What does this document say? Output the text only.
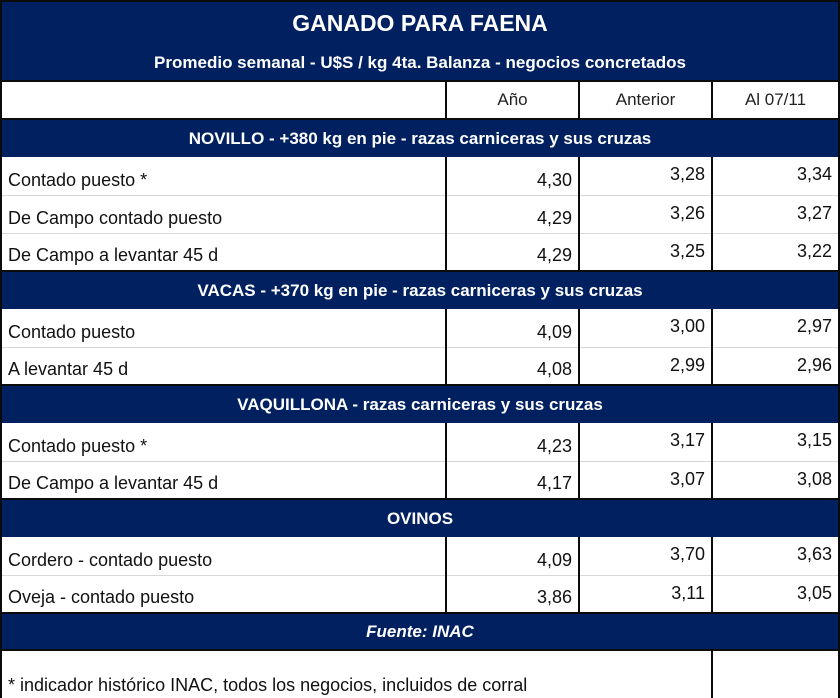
GANADO PARA FAENA			
Promedio semanal - U$S / kg 4ta. Balanza - negocios concretados			
	Año	Anterior	Al 07/11
NOVILLO - +380 kg en pie - razas carniceras y sus cruzas			
Contado puesto *	4,30	3,28	3,34
De Campo contado puesto	4,29	3,26	3,27
De Campo a levantar 45 d	4,29	3,25	3,22
VACAS - +370 kg en pie - razas carniceras y sus cruzas			
Contado puesto	4,09	3,00	2,97
A levantar 45 d	4,08	2,99	2,96
VAQUILLONA - razas carniceras y sus cruzas			
Contado puesto *	4,23	3,17	3,15
De Campo a levantar 45 d	4,17	3,07	3,08
OVINOS			
Cordero - contado puesto	4,09	3,70	3,63
Oveja - contado puesto	3,86	3,11	3,05
Fuente: INAC			
* indicador histórico INAC, todos los negocios, incluidos de corral			
